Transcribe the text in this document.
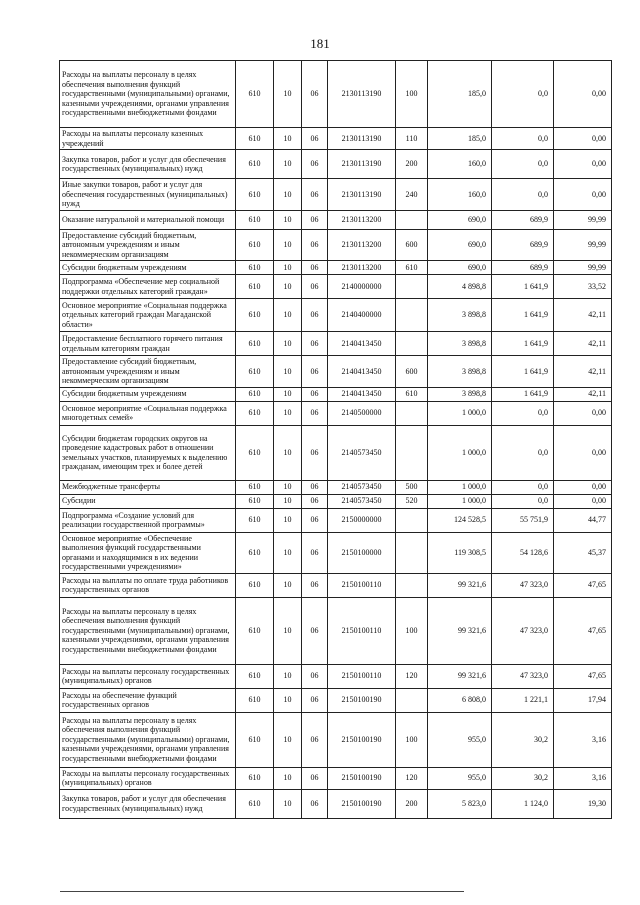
181
Расходы на выплаты персоналу в целях обеспечения выполнения функций государственными (муниципальными) органами, казенными учреждениями, органами управления государственными внебюджетными фондами	610	10	06	2130113190	100	185,0	0,0	0,00
Расходы на выплаты персоналу казенных учреждений	610	10	06	2130113190	110	185,0	0,0	0,00
Закупка товаров, работ и услуг для обеспечения государственных (муниципальных) нужд	610	10	06	2130113190	200	160,0	0,0	0,00
Иные закупки товаров, работ и услуг для обеспечения государственных (муниципальных) нужд	610	10	06	2130113190	240	160,0	0,0	0,00
Оказание натуральной и материальной помощи	610	10	06	2130113200		690,0	689,9	99,99
Предоставление субсидий бюджетным, автономным учреждениям и иным некоммерческим организациям	610	10	06	2130113200	600	690,0	689,9	99,99
Субсидии бюджетным учреждениям	610	10	06	2130113200	610	690,0	689,9	99,99
Подпрограмма «Обеспечение мер социальной поддержки отдельных категорий граждан»	610	10	06	2140000000		4 898,8	1 641,9	33,52
Основное мероприятие «Социальная поддержка отдельных категорий граждан Магаданской области»	610	10	06	2140400000		3 898,8	1 641,9	42,11
Предоставление бесплатного горячего питания отдельным категориям граждан	610	10	06	2140413450		3 898,8	1 641,9	42,11
Предоставление субсидий бюджетным, автономным учреждениям и иным некоммерческим организациям	610	10	06	2140413450	600	3 898,8	1 641,9	42,11
Субсидии бюджетным учреждениям	610	10	06	2140413450	610	3 898,8	1 641,9	42,11
Основное мероприятие «Социальная поддержка многодетных семей»	610	10	06	2140500000		1 000,0	0,0	0,00
Субсидии бюджетам городских округов на проведение кадастровых работ в отношении земельных участков, планируемых к выделению гражданам, имеющим трех и более детей	610	10	06	2140573450		1 000,0	0,0	0,00
Межбюджетные трансферты	610	10	06	2140573450	500	1 000,0	0,0	0,00
Субсидии	610	10	06	2140573450	520	1 000,0	0,0	0,00
Подпрограмма «Создание условий для реализации государственной программы»	610	10	06	2150000000		124 528,5	55 751,9	44,77
Основное мероприятие «Обеспечение выполнения функций государственными органами и находящимися в их ведении государственными учреждениями»	610	10	06	2150100000		119 308,5	54 128,6	45,37
Расходы на выплаты по оплате труда работников государственных органов	610	10	06	2150100110		99 321,6	47 323,0	47,65
Расходы на выплаты персоналу в целях обеспечения выполнения функций государственными (муниципальными) органами, казенными учреждениями, органами управления государственными внебюджетными фондами	610	10	06	2150100110	100	99 321,6	47 323,0	47,65
Расходы на выплаты персоналу государственных (муниципальных) органов	610	10	06	2150100110	120	99 321,6	47 323,0	47,65
Расходы на обеспечение функций государственных органов	610	10	06	2150100190		6 808,0	1 221,1	17,94
Расходы на выплаты персоналу в целях обеспечения выполнения функций государственными (муниципальными) органами, казенными учреждениями, органами управления государственными внебюджетными фондами	610	10	06	2150100190	100	955,0	30,2	3,16
Расходы на выплаты персоналу государственных (муниципальных) органов	610	10	06	2150100190	120	955,0	30,2	3,16
Закупка товаров, работ и услуг для обеспечения государственных (муниципальных) нужд	610	10	06	2150100190	200	5 823,0	1 124,0	19,30
